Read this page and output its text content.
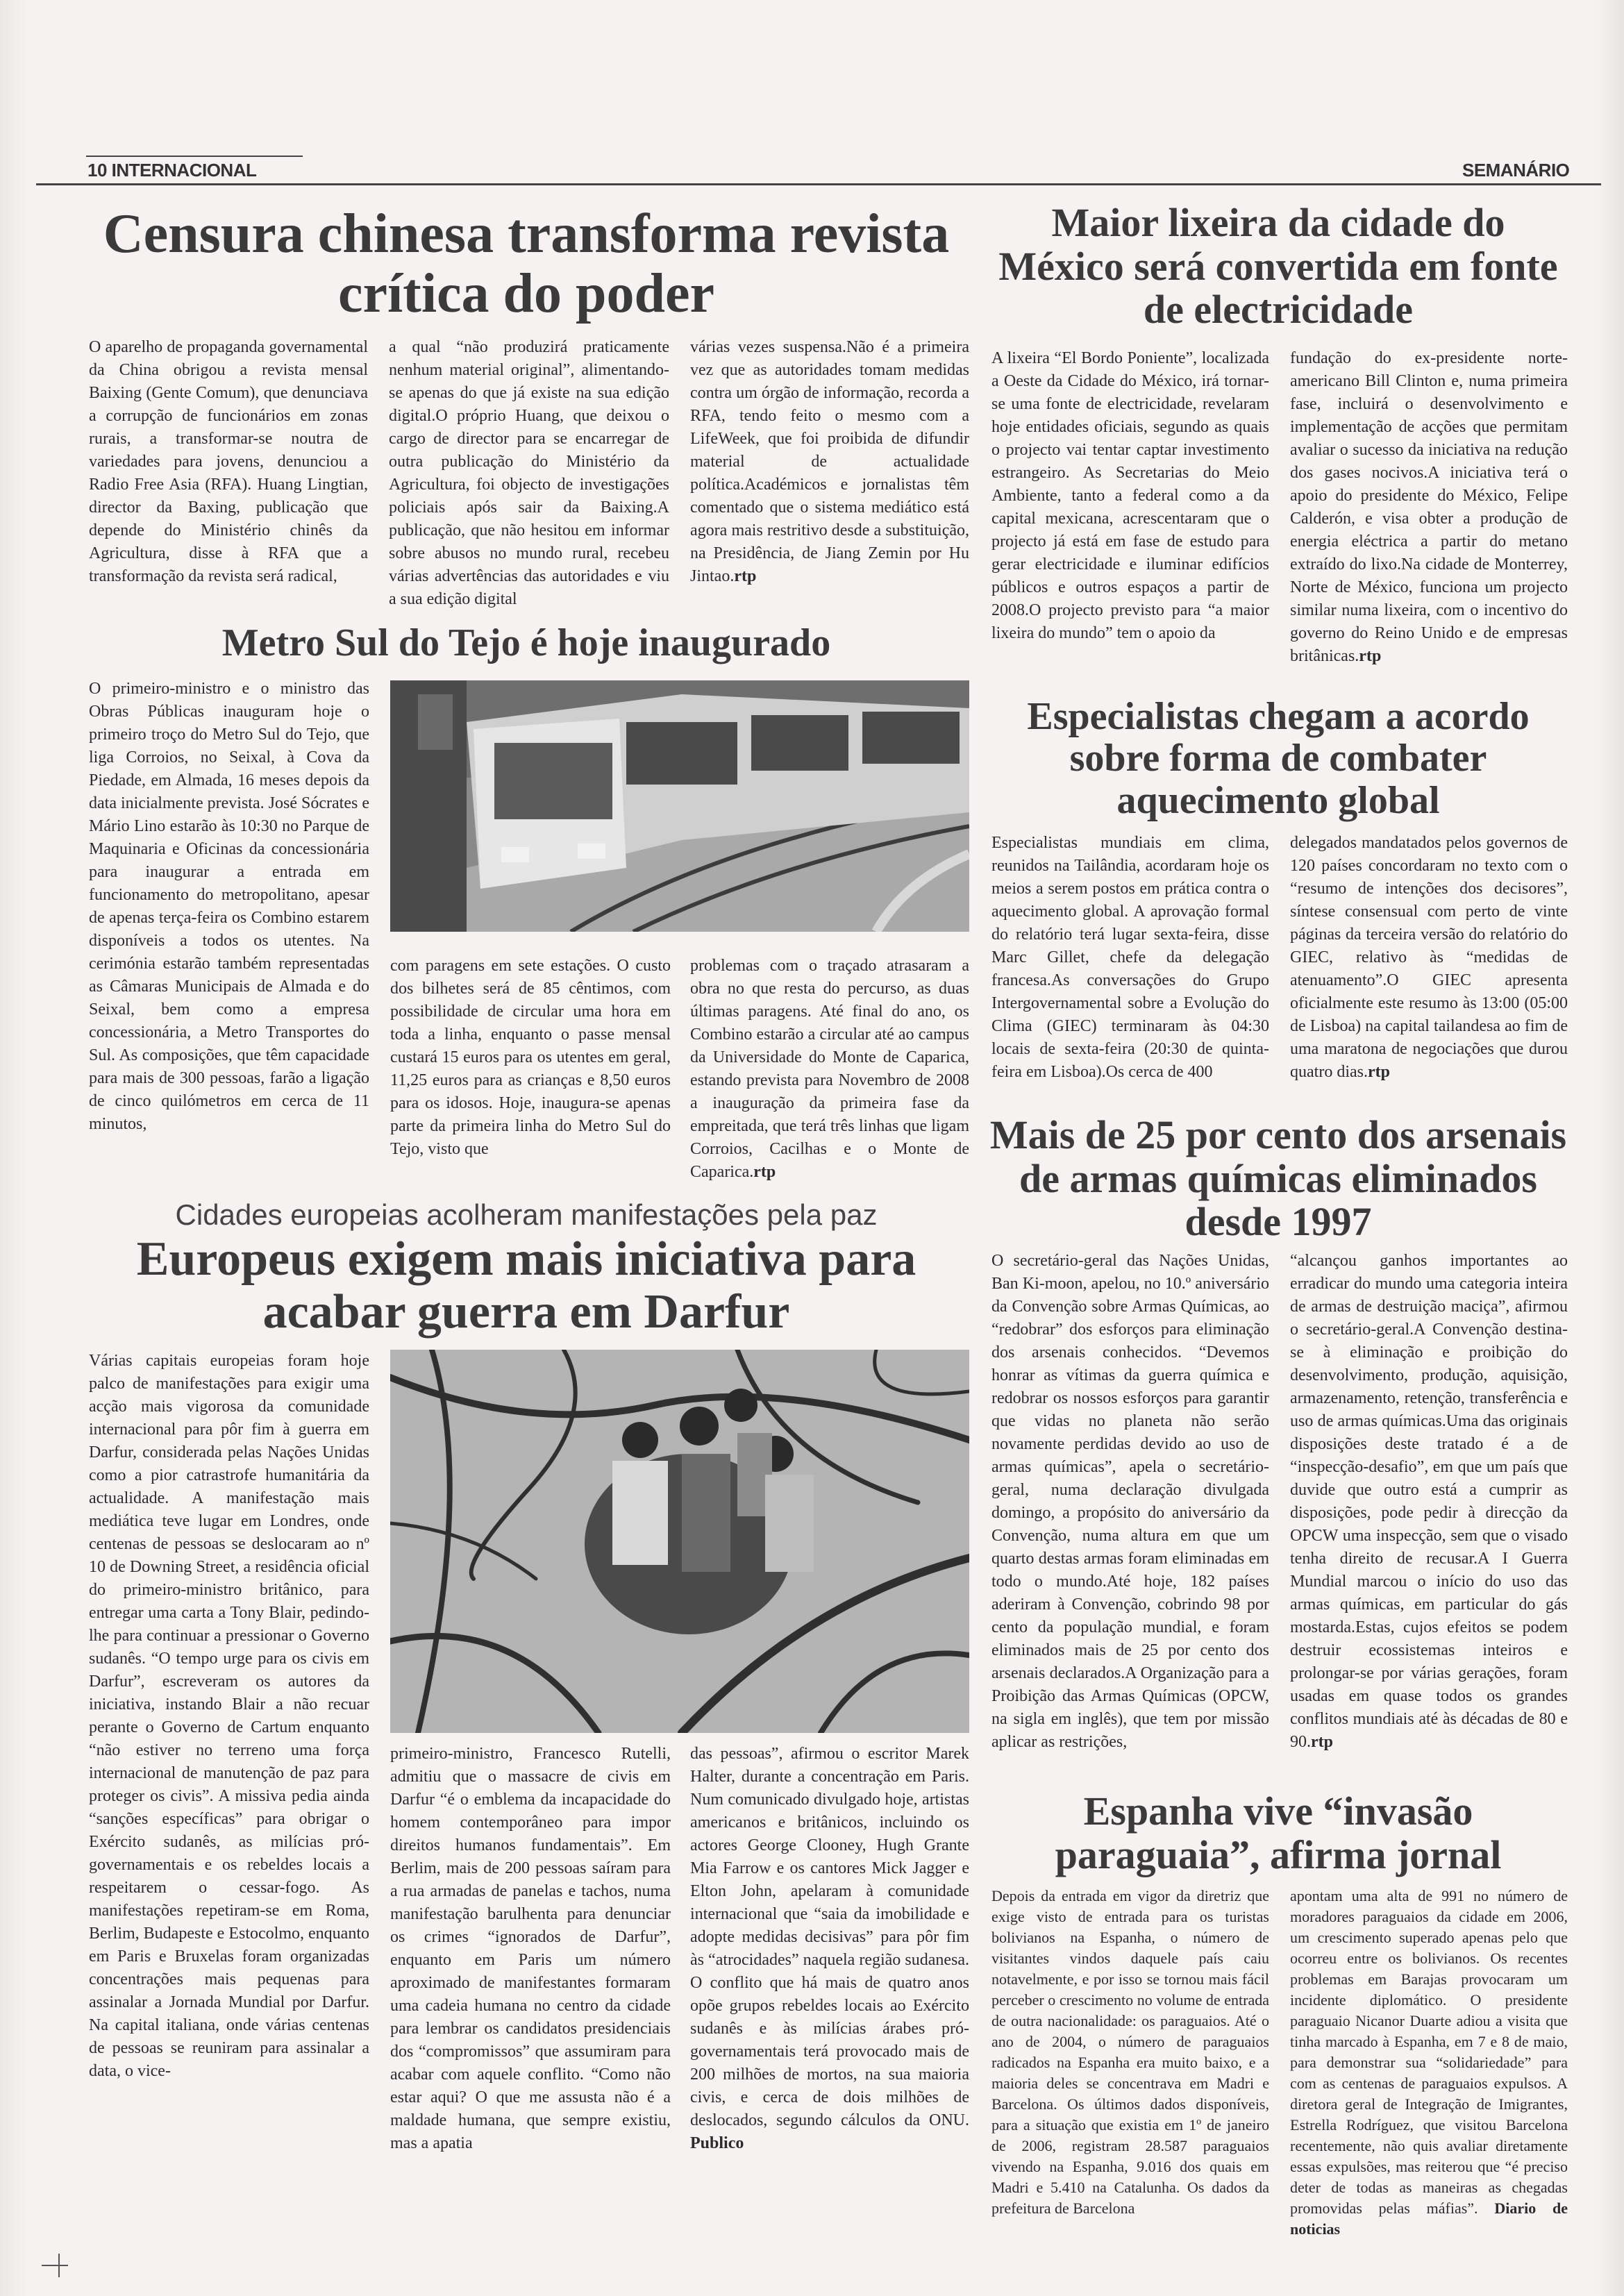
10 INTERNACIONAL	SEMANÁRIO
Censura chinesa transforma revista crítica do poder

O aparelho de propaganda governamental da China obrigou a revista mensal Baixing (Gente Comum), que denunciava a corrupção de funcionários em zonas rurais, a transformar-se noutra de variedades para jovens, denunciou a Radio Free Asia (RFA). Huang Lingtian, director da Baxing, publicação que depende do Ministério chinês da Agricultura, disse à RFA que a transformação da revista será radical,

a qual “não produzirá praticamente nenhum material original”, alimentando-se apenas do que já existe na sua edição digital.O próprio Huang, que deixou o cargo de director para se encarregar de outra publicação do Ministério da Agricultura, foi objecto de investigações policiais após sair da Baixing.A publicação, que não hesitou em informar sobre abusos no mundo rural, recebeu várias advertências das autoridades e viu a sua edição digital

várias vezes suspensa.Não é a primeira vez que as autoridades tomam medidas contra um órgão de informação, recorda a RFA, tendo feito o mesmo com a LifeWeek, que foi proibida de difundir material de actualidade política.Académicos e jornalistas têm comentado que o sistema mediático está agora mais restritivo desde a substituição, na Presidência, de Jiang Zemin por Hu Jintao.rtp

Metro Sul do Tejo é hoje inaugurado

O primeiro-ministro e o ministro das Obras Públicas inauguram hoje o primeiro troço do Metro Sul do Tejo, que liga Corroios, no Seixal, à Cova da Piedade, em Almada, 16 meses depois da data inicialmente prevista. José Sócrates e Mário Lino estarão às 10:30 no Parque de Maquinaria e Oficinas da concessionária para inaugurar a entrada em funcionamento do metropolitano, apesar de apenas terça-feira os Combino estarem disponíveis a todos os utentes. Na cerimónia estarão também representadas as Câmaras Municipais de Almada e do Seixal, bem como a empresa concessionária, a Metro Transportes do Sul. As composições, que têm capacidade para mais de 300 pessoas, farão a ligação de cinco quilómetros em cerca de 11 minutos,

com paragens em sete estações. O custo dos bilhetes será de 85 cêntimos, com possibilidade de circular uma hora em toda a linha, enquanto o passe mensal custará 15 euros para os utentes em geral, 11,25 euros para as crianças e 8,50 euros para os idosos. Hoje, inaugura-se apenas parte da primeira linha do Metro Sul do Tejo, visto que

problemas com o traçado atrasaram a obra no que resta do percurso, as duas últimas paragens. Até final do ano, os Combino estarão a circular até ao campus da Universidade do Monte de Caparica, estando prevista para Novembro de 2008 a inauguração da primeira fase da empreitada, que terá três linhas que ligam Corroios, Cacilhas e o Monte de Caparica.rtp

Cidades europeias acolheram manifestações pela paz
Europeus exigem mais iniciativa para acabar guerra em Darfur

Várias capitais europeias foram hoje palco de manifestações para exigir uma acção mais vigorosa da comunidade internacional para pôr fim à guerra em Darfur, considerada pelas Nações Unidas como a pior catrastrofe humanitária da actualidade. A manifestação mais mediática teve lugar em Londres, onde centenas de pessoas se deslocaram ao nº 10 de Downing Street, a residência oficial do primeiro-ministro britânico, para entregar uma carta a Tony Blair, pedindo-lhe para continuar a pressionar o Governo sudanês. “O tempo urge para os civis em Darfur”, escreveram os autores da iniciativa, instando Blair a não recuar perante o Governo de Cartum enquanto “não estiver no terreno uma força internacional de manutenção de paz para proteger os civis”. A missiva pedia ainda “sanções específicas” para obrigar o Exército sudanês, as milícias pró-governamentais e os rebeldes locais a respeitarem o cessar-fogo. As manifestações repetiram-se em Roma, Berlim, Budapeste e Estocolmo, enquanto em Paris e Bruxelas foram organizadas concentrações mais pequenas para assinalar a Jornada Mundial por Darfur. Na capital italiana, onde várias centenas de pessoas se reuniram para assinalar a data, o vice-

primeiro-ministro, Francesco Rutelli, admitiu que o massacre de civis em Darfur “é o emblema da incapacidade do homem contemporâneo para impor direitos humanos fundamentais”. Em Berlim, mais de 200 pessoas saíram para a rua armadas de panelas e tachos, numa manifestação barulhenta para denunciar os crimes “ignorados de Darfur”, enquanto em Paris um número aproximado de manifestantes formaram uma cadeia humana no centro da cidade para lembrar os candidatos presidenciais dos “compromissos” que assumiram para acabar com aquele conflito. “Como não estar aqui? O que me assusta não é a maldade humana, que sempre existiu, mas a apatia

das pessoas”, afirmou o escritor Marek Halter, durante a concentração em Paris. Num comunicado divulgado hoje, artistas americanos e britânicos, incluindo os actores George Clooney, Hugh Grante Mia Farrow e os cantores Mick Jagger e Elton John, apelaram à comunidade internacional que “saia da imobilidade e adopte medidas decisivas” para pôr fim às “atrocidades” naquela região sudanesa. O conflito que há mais de quatro anos opõe grupos rebeldes locais ao Exército sudanês e às milícias árabes pró-governamentais terá provocado mais de 200 milhões de mortos, na sua maioria civis, e cerca de dois milhões de deslocados, segundo cálculos da ONU. Publico

Maior lixeira da cidade do México será convertida em fonte de electricidade

A lixeira “El Bordo Poniente”, localizada a Oeste da Cidade do México, irá tornar-se uma fonte de electricidade, revelaram hoje entidades oficiais, segundo as quais o projecto vai tentar captar investimento estrangeiro. As Secretarias do Meio Ambiente, tanto a federal como a da capital mexicana, acrescentaram que o projecto já está em fase de estudo para gerar electricidade e iluminar edifícios públicos e outros espaços a partir de 2008.O projecto previsto para “a maior lixeira do mundo” tem o apoio da

fundação do ex-presidente norte-americano Bill Clinton e, numa primeira fase, incluirá o desenvolvimento e implementação de acções que permitam avaliar o sucesso da iniciativa na redução dos gases nocivos.A iniciativa terá o apoio do presidente do México, Felipe Calderón, e visa obter a produção de energia eléctrica a partir do metano extraído do lixo.Na cidade de Monterrey, Norte de México, funciona um projecto similar numa lixeira, com o incentivo do governo do Reino Unido e de empresas britânicas.rtp

Especialistas chegam a acordo sobre forma de combater aquecimento global

Especialistas mundiais em clima, reunidos na Tailândia, acordaram hoje os meios a serem postos em prática contra o aquecimento global. A aprovação formal do relatório terá lugar sexta-feira, disse Marc Gillet, chefe da delegação francesa.As conversações do Grupo Intergovernamental sobre a Evolução do Clima (GIEC) terminaram às 04:30 locais de sexta-feira (20:30 de quinta-feira em Lisboa).Os cerca de 400

delegados mandatados pelos governos de 120 países concordaram no texto com o “resumo de intenções dos decisores”, síntese consensual com perto de vinte páginas da terceira versão do relatório do GIEC, relativo às “medidas de atenuamento”.O GIEC apresenta oficialmente este resumo às 13:00 (05:00 de Lisboa) na capital tailandesa ao fim de uma maratona de negociações que durou quatro dias.rtp

Mais de 25 por cento dos arsenais de armas químicas eliminados desde 1997

O secretário-geral das Nações Unidas, Ban Ki-moon, apelou, no 10.º aniversário da Convenção sobre Armas Químicas, ao “redobrar” dos esforços para eliminação dos arsenais conhecidos. “Devemos honrar as vítimas da guerra química e redobrar os nossos esforços para garantir que vidas no planeta não serão novamente perdidas devido ao uso de armas químicas”, apela o secretário-geral, numa declaração divulgada domingo, a propósito do aniversário da Convenção, numa altura em que um quarto destas armas foram eliminadas em todo o mundo.Até hoje, 182 países aderiram à Convenção, cobrindo 98 por cento da população mundial, e foram eliminados mais de 25 por cento dos arsenais declarados.A Organização para a Proibição das Armas Químicas (OPCW, na sigla em inglês), que tem por missão aplicar as restrições,

“alcançou ganhos importantes ao erradicar do mundo uma categoria inteira de armas de destruição maciça”, afirmou o secretário-geral.A Convenção destina-se à eliminação e proibição do desenvolvimento, produção, aquisição, armazenamento, retenção, transferência e uso de armas químicas.Uma das originais disposições deste tratado é a de “inspecção-desafio”, em que um país que duvide que outro está a cumprir as disposições, pode pedir à direcção da OPCW uma inspecção, sem que o visado tenha direito de recusar.A I Guerra Mundial marcou o início do uso das armas químicas, em particular do gás mostarda.Estas, cujos efeitos se podem destruir ecossistemas inteiros e prolongar-se por várias gerações, foram usadas em quase todos os grandes conflitos mundiais até às décadas de 80 e 90.rtp

Espanha vive “invasão paraguaia”, afirma jornal

Depois da entrada em vigor da diretriz que exige visto de entrada para os turistas bolivianos na Espanha, o número de visitantes vindos daquele país caiu notavelmente, e por isso se tornou mais fácil perceber o crescimento no volume de entrada de outra nacionalidade: os paraguaios. Até o ano de 2004, o número de paraguaios radicados na Espanha era muito baixo, e a maioria deles se concentrava em Madri e Barcelona. Os últimos dados disponíveis, para a situação que existia em 1º de janeiro de 2006, registram 28.587 paraguaios vivendo na Espanha, 9.016 dos quais em Madri e 5.410 na Catalunha. Os dados da prefeitura de Barcelona

apontam uma alta de 991 no número de moradores paraguaios da cidade em 2006, um crescimento superado apenas pelo que ocorreu entre os bolivianos. Os recentes problemas em Barajas provocaram um incidente diplomático. O presidente paraguaio Nicanor Duarte adiou a visita que tinha marcado à Espanha, em 7 e 8 de maio, para demonstrar sua “solidariedade” para com as centenas de paraguaios expulsos. A diretora geral de Integração de Imigrantes, Estrella Rodríguez, que visitou Barcelona recentemente, não quis avaliar diretamente essas expulsões, mas reiterou que “é preciso deter de todas as maneiras as chegadas promovidas pelas máfias”. Diario de noticias
